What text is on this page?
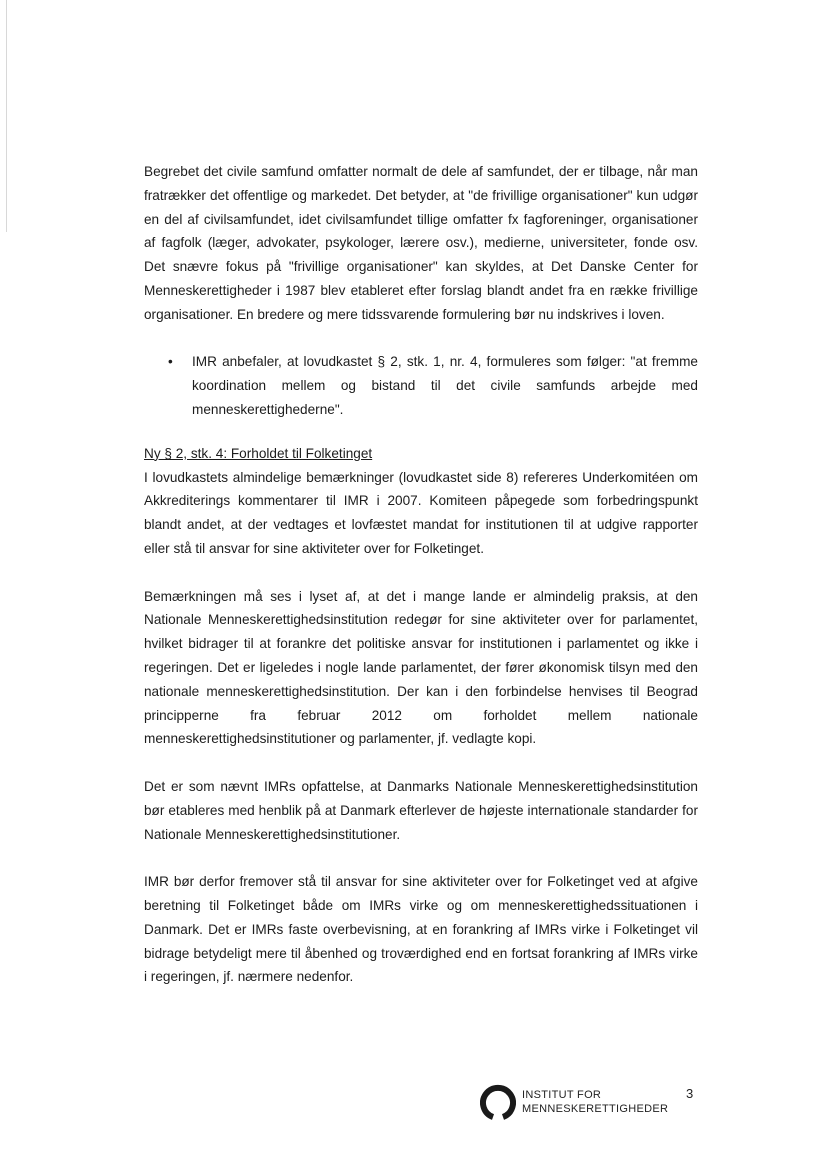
Begrebet det civile samfund omfatter normalt de dele af samfundet, der er tilbage, når man fratrækker det offentlige og markedet. Det betyder, at "de frivillige organisationer" kun udgør en del af civilsamfundet, idet civilsamfundet tillige omfatter fx fagforeninger, organisationer af fagfolk (læger, advokater, psykologer, lærere osv.), medierne, universiteter, fonde osv. Det snævre fokus på "frivillige organisationer" kan skyldes, at Det Danske Center for Menneskerettigheder i 1987 blev etableret efter forslag blandt andet fra en række frivillige organisationer. En bredere og mere tidssvarende formulering bør nu indskrives i loven.

• IMR anbefaler, at lovudkastet § 2, stk. 1, nr. 4, formuleres som følger: "at fremme koordination mellem og bistand til det civile samfunds arbejde med menneskerettighederne".

Ny § 2, stk. 4: Forholdet til Folketinget

I lovudkastets almindelige bemærkninger (lovudkastet side 8) refereres Underkomitéen om Akkrediterings kommentarer til IMR i 2007. Komiteen påpegede som forbedringspunkt blandt andet, at der vedtages et lovfæstet mandat for institutionen til at udgive rapporter eller stå til ansvar for sine aktiviteter over for Folketinget.

Bemærkningen må ses i lyset af, at det i mange lande er almindelig praksis, at den Nationale Menneskerettighedsinstitution redegør for sine aktiviteter over for parlamentet, hvilket bidrager til at forankre det politiske ansvar for institutionen i parlamentet og ikke i regeringen. Det er ligeledes i nogle lande parlamentet, der fører økonomisk tilsyn med den nationale menneskerettighedsinstitution. Der kan i den forbindelse henvises til Beograd principperne fra februar 2012 om forholdet mellem nationale menneskerettighedsinstitutioner og parlamenter, jf. vedlagte kopi.

Det er som nævnt IMRs opfattelse, at Danmarks Nationale Menneskerettighedsinstitution bør etableres med henblik på at Danmark efterlever de højeste internationale standarder for Nationale Menneskerettighedsinstitutioner.

IMR bør derfor fremover stå til ansvar for sine aktiviteter over for Folketinget ved at afgive beretning til Folketinget både om IMRs virke og om menneskerettighedssituationen i Danmark. Det er IMRs faste overbevisning, at en forankring af IMRs virke i Folketinget vil bidrage betydeligt mere til åbenhed og troværdighed end en fortsat forankring af IMRs virke i regeringen, jf. nærmere nedenfor.

INSTITUT FOR
MENNESKERETTIGHEDER
3
